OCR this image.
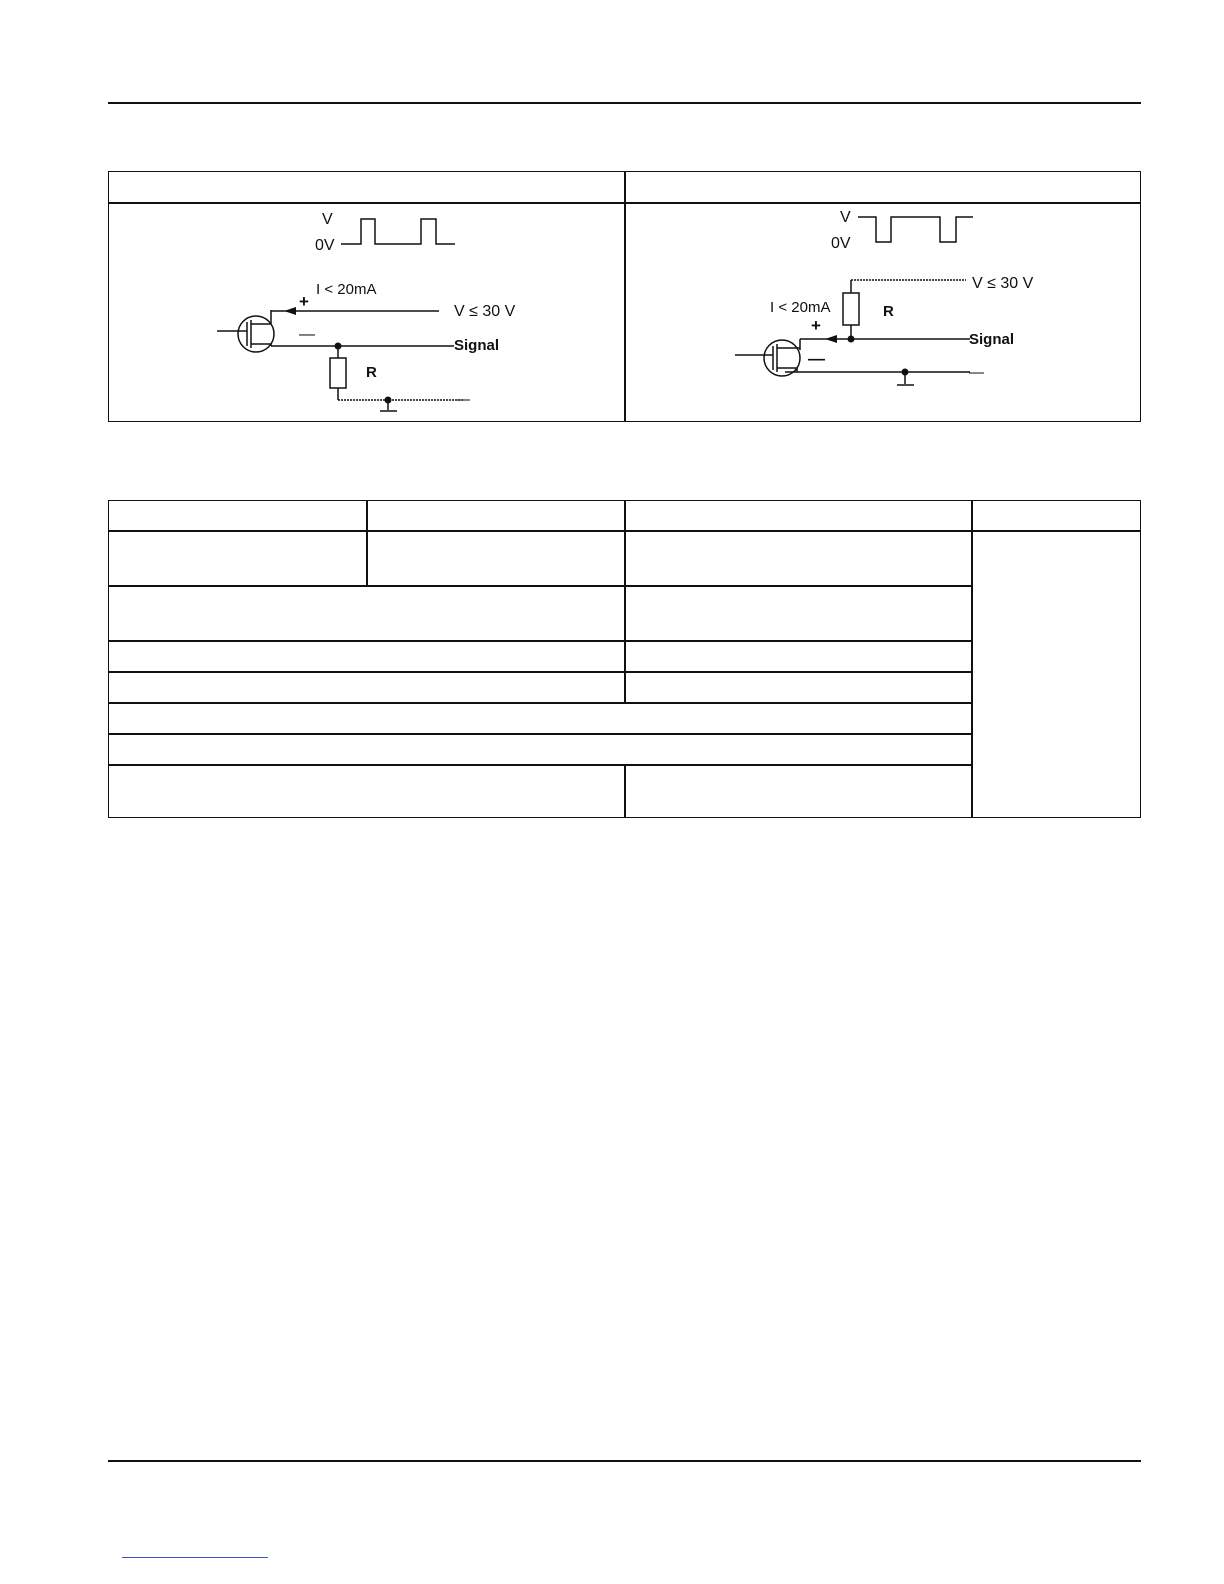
V
0V
I < 20mA
+
—
V ≤ 30 V
Signal
R
—
V
0V
V ≤ 30 V
I < 20mA	R
+
—
Signal
—
